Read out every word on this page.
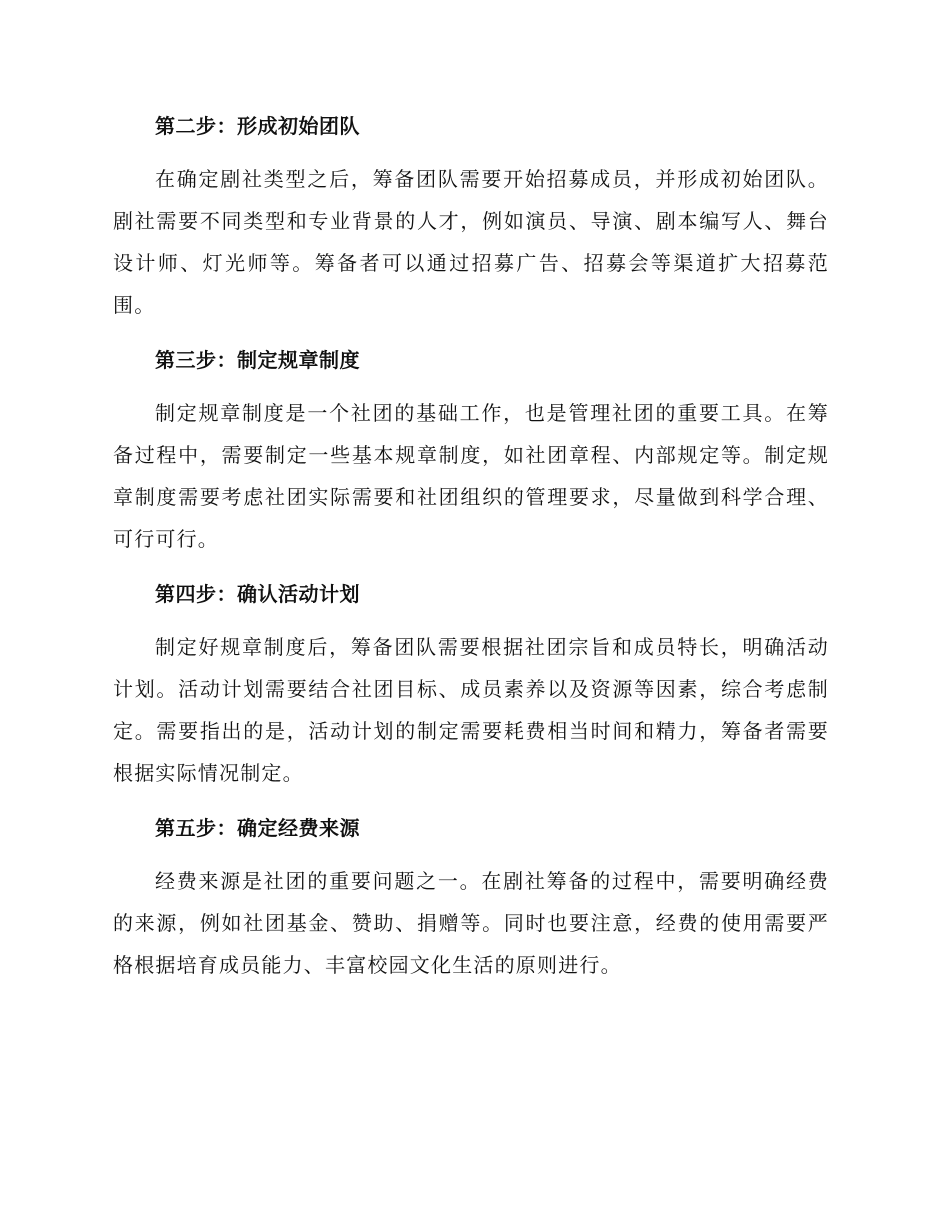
第二步：形成初始团队

在确定剧社类型之后，筹备团队需要开始招募成员，并形成初始团队。剧社需要不同类型和专业背景的人才，例如演员、导演、剧本编写人、舞台设计师、灯光师等。筹备者可以通过招募广告、招募会等渠道扩大招募范围。

第三步：制定规章制度

制定规章制度是一个社团的基础工作，也是管理社团的重要工具。在筹备过程中，需要制定一些基本规章制度，如社团章程、内部规定等。制定规章制度需要考虑社团实际需要和社团组织的管理要求，尽量做到科学合理、可行可行。

第四步：确认活动计划

制定好规章制度后，筹备团队需要根据社团宗旨和成员特长，明确活动计划。活动计划需要结合社团目标、成员素养以及资源等因素，综合考虑制定。需要指出的是，活动计划的制定需要耗费相当时间和精力，筹备者需要根据实际情况制定。

第五步：确定经费来源

经费来源是社团的重要问题之一。在剧社筹备的过程中，需要明确经费的来源，例如社团基金、赞助、捐赠等。同时也要注意，经费的使用需要严格根据培育成员能力、丰富校园文化生活的原则进行。
